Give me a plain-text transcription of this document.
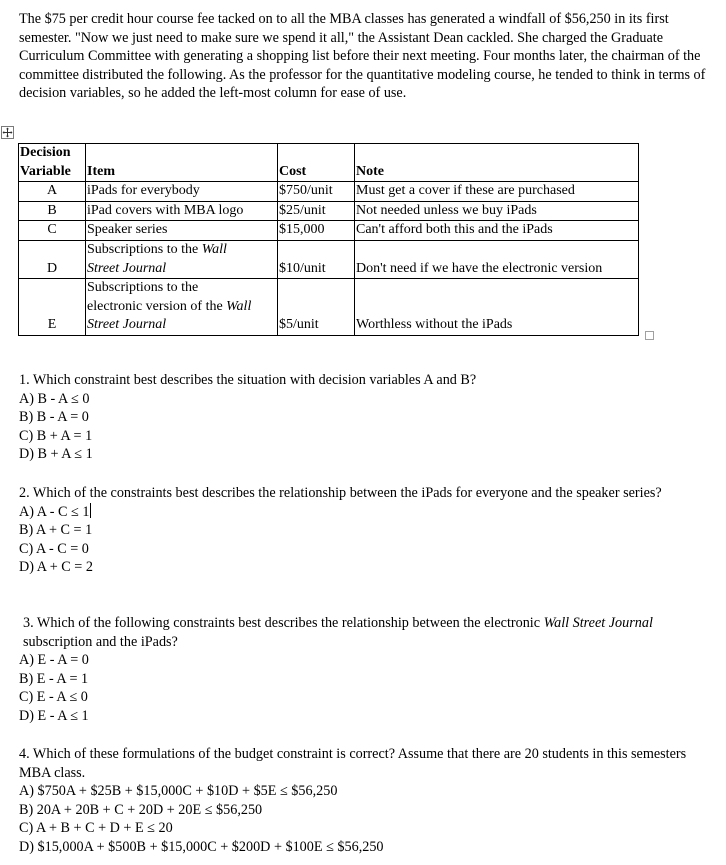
The $75 per credit hour course fee tacked on to all the MBA classes has generated a windfall of $56,250 in its first semester. "Now we just need to make sure we spend it all," the Assistant Dean cackled. She charged the Graduate Curriculum Committee with generating a shopping list before their next meeting. Four months later, the chairman of the committee distributed the following. As the professor for the quantitative modeling course, he tended to think in terms of decision variables, so he added the left-most column for ease of use.

Decision
Variable	Item	Cost	Note
A	iPads for everybody	$750/unit	Must get a cover if these are purchased
B	iPad covers with MBA logo	$25/unit	Not needed unless we buy iPads
C	Speaker series	$15,000	Can't afford both this and the iPads
D	Subscriptions to the Wall
Street Journal	$10/unit	Don't need if we have the electronic version
E	Subscriptions to the
electronic version of the Wall
Street Journal	$5/unit	Worthless without the iPads

1. Which constraint best describes the situation with decision variables A and B?

A) B - A ≤ 0
B) B - A = 0
C) B + A = 1
D) B + A ≤ 1

2. Which of the constraints best describes the relationship between the iPads for everyone and the speaker series?

A) A - C ≤ 1
B) A + C = 1
C) A - C = 0
D) A + C = 2

3. Which of the following constraints best describes the relationship between the electronic Wall Street Journal subscription and the iPads?

A) E - A = 0
B) E - A = 1
C) E - A ≤ 0
D) E - A ≤ 1

4. Which of these formulations of the budget constraint is correct? Assume that there are 20 students in this semesters MBA class.

A) $750A + $25B + $15,000C + $10D + $5E ≤ $56,250
B) 20A + 20B + C + 20D + 20E ≤ $56,250
C) A + B + C + D + E ≤ 20
D) $15,000A + $500B + $15,000C + $200D + $100E ≤ $56,250
